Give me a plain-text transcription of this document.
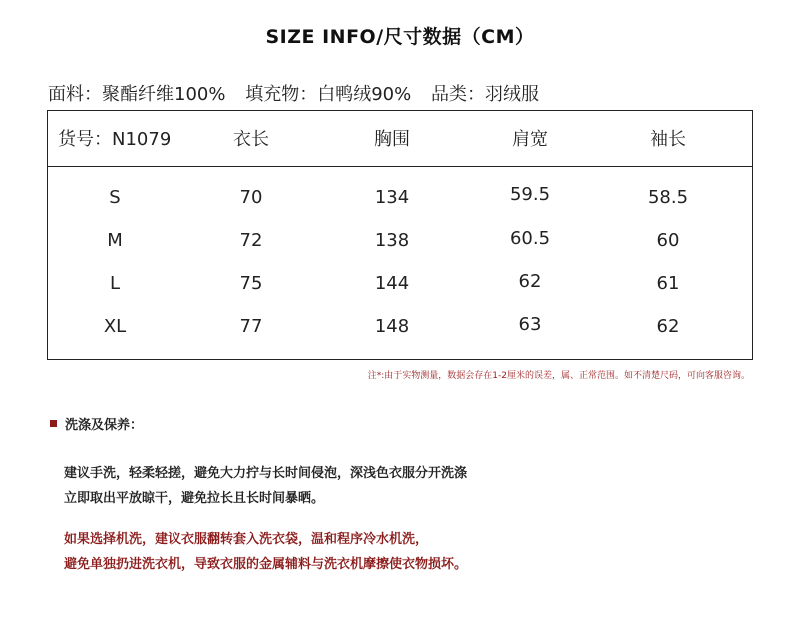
SIZE INFO/尺寸数据（CM）
面料：聚酯纤维100% 填充物：白鸭绒90% 品类：羽绒服
货号：N1079	衣长	胸围	肩宽	袖长
S	70	134	59.5	58.5
M	72	138	60.5	60
L	75	144	62	61
XL	77	148	63	62
注*:由于实物测量，数据会存在1-2厘米的误差，属、正常范围。如不清楚尺码，可向客服咨询。
洗涤及保养：
建议手洗，轻柔轻搓，避免大力拧与长时间侵泡，深浅色衣服分开洗涤
立即取出平放晾干，避免拉长且长时间暴晒。
如果选择机洗，建议衣服翻转套入洗衣袋，温和程序冷水机洗，
避免单独扔进洗衣机，导致衣服的金属辅料与洗衣机摩擦使衣物损坏。
